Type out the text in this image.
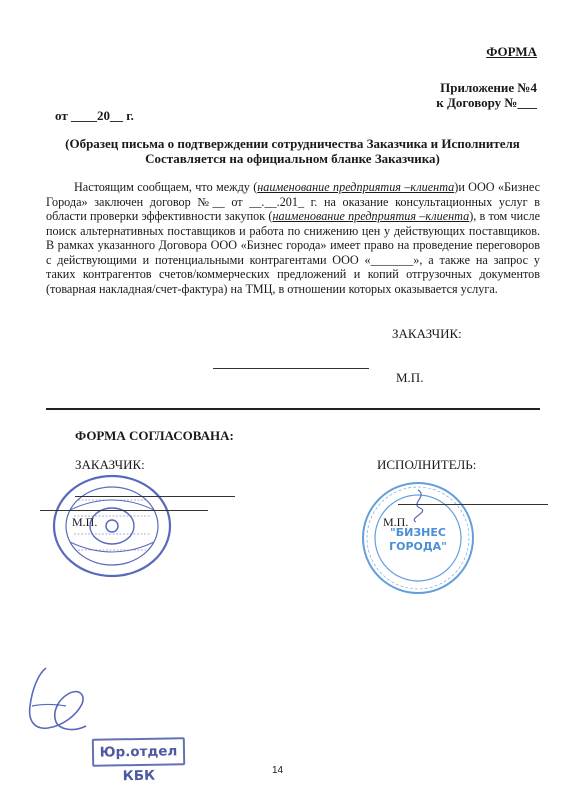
ФОРМА
Приложение №4
к Договору №___
от ____20__ г.
(Образец письма о подтверждении сотрудничества Заказчика и Исполнителя
Составляется на официальном бланке Заказчика)
Настоящим сообщаем, что между (наименование предприятия –клиента)и ООО «Бизнес Города» заключен договор №__ от __.__.201_ г. на оказание консультационных услуг в области проверки эффективности закупок (наименование предприятия –клиента), в том числе поиск альтернативных поставщиков и работа по снижению цен у действующих поставщиков. В рамках указанного Договора ООО «Бизнес города» имеет право на проведение переговоров с действующими и потенциальными контрагентами ООО «_______», а также на запрос у таких контрагентов счетов/коммерческих предложений и копий отгрузочных документов (товарная накладная/счет-фактура) на ТМЦ, в отношении которых оказывается услуга.
ЗАКАЗЧИК:
М.П.
ФОРМА СОГЛАСОВАНА:
ЗАКАЗЧИК:	ИСПОЛНИТЕЛЬ:
"БИЗНЕС
ГОРОДА"
М.П.	М.П.
Юр.отдел КБК	14
